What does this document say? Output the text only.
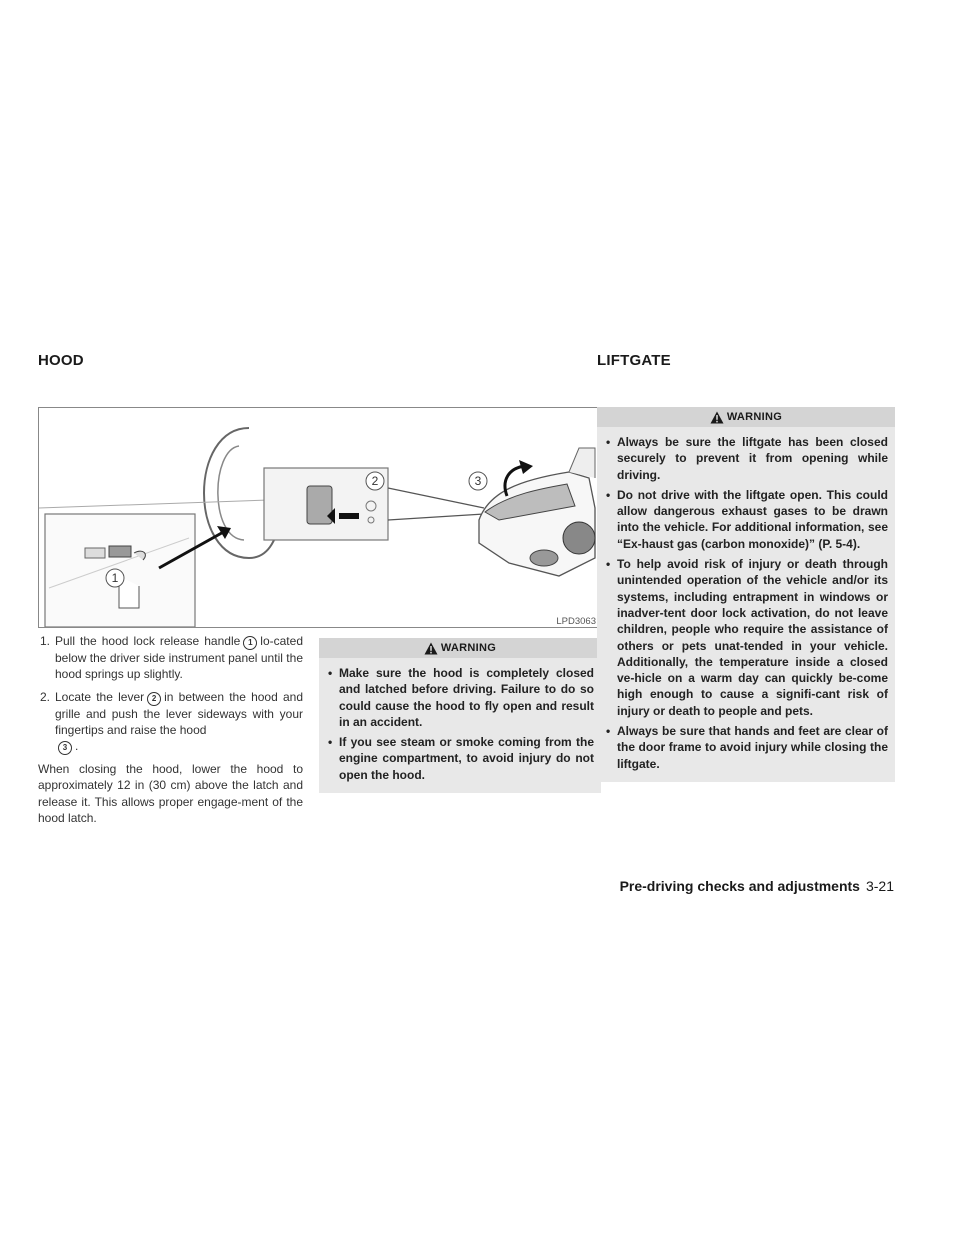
HOOD	LIFTGATE
1
2	3
LPD3063
1. Pull the hood lock release handle 1 lo-cated below the driver side instrument panel until the hood springs up slightly.
2. Locate the lever 2 in between the hood and grille and push the lever sideways with your fingertips and raise the hood
3 .
When closing the hood, lower the hood to approximately 12 in (30 cm) above the latch and release it. This allows proper engage-ment of the hood latch.
WARNING
• Make sure the hood is completely closed and latched before driving. Failure to do so could cause the hood to fly open and result in an accident.
• If you see steam or smoke coming from the engine compartment, to avoid injury do not open the hood.
WARNING
• Always be sure the liftgate has been closed securely to prevent it from opening while driving.
• Do not drive with the liftgate open. This could allow dangerous exhaust gases to be drawn into the vehicle. For additional information, see “Ex-haust gas (carbon monoxide)” (P. 5-4).
• To help avoid risk of injury or death through unintended operation of the vehicle and/or its systems, including entrapment in windows or inadver-tent door lock activation, do not leave children, people who require the assistance of others or pets unat-tended in your vehicle. Additionally, the temperature inside a closed ve-hicle on a warm day can quickly be-come high enough to cause a signifi-cant risk of injury or death to people and pets.
• Always be sure that hands and feet are clear of the door frame to avoid injury while closing the liftgate.
Pre-driving checks and adjustments 3-21
